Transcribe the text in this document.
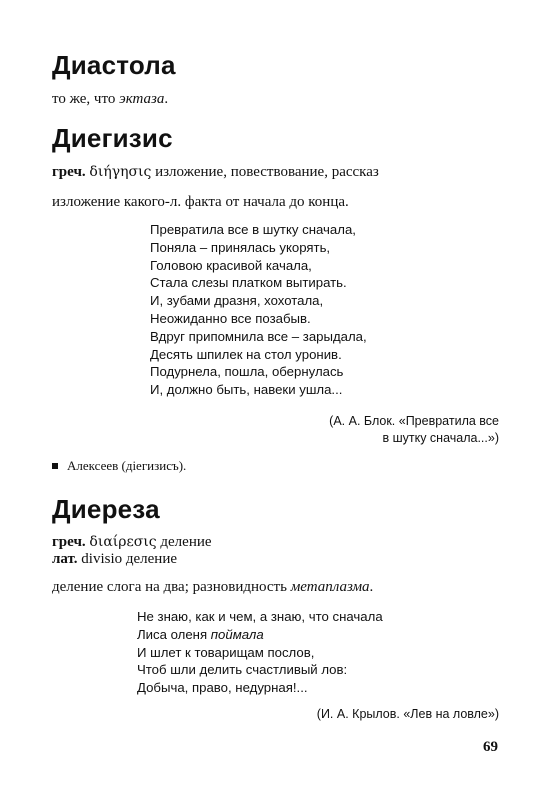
Диастола
то же, что эктаза.
Диегизис
греч. διήγησις изложение, повествование, рассказ
изложение какого-л. факта от начала до конца.
Превратила все в шутку сначала,
Поняла – принялась укорять,
Головою красивой качала,
Стала слезы платком вытирать.
И, зубами дразня, хохотала,
Неожиданно все позабыв.
Вдруг припомнила все – зарыдала,
Десять шпилек на стол уронив.
Подурнела, пошла, обернулась
И, должно быть, навеки ушла...
(А. А. Блок. «Превратила все
в шутку сначала...»)
Алексеев (дiегизисъ).
Диереза
греч. διαίρεσις деление
лат. divisio деление
деление слога на два; разновидность метаплазма.
Не знаю, как и чем, а знаю, что сначала
Лиса оленя поймала
И шлет к товарищам послов,
Чтоб шли делить счастливый лов:
Добыча, право, недурная!...
(И. А. Крылов. «Лев на ловле»)
69
